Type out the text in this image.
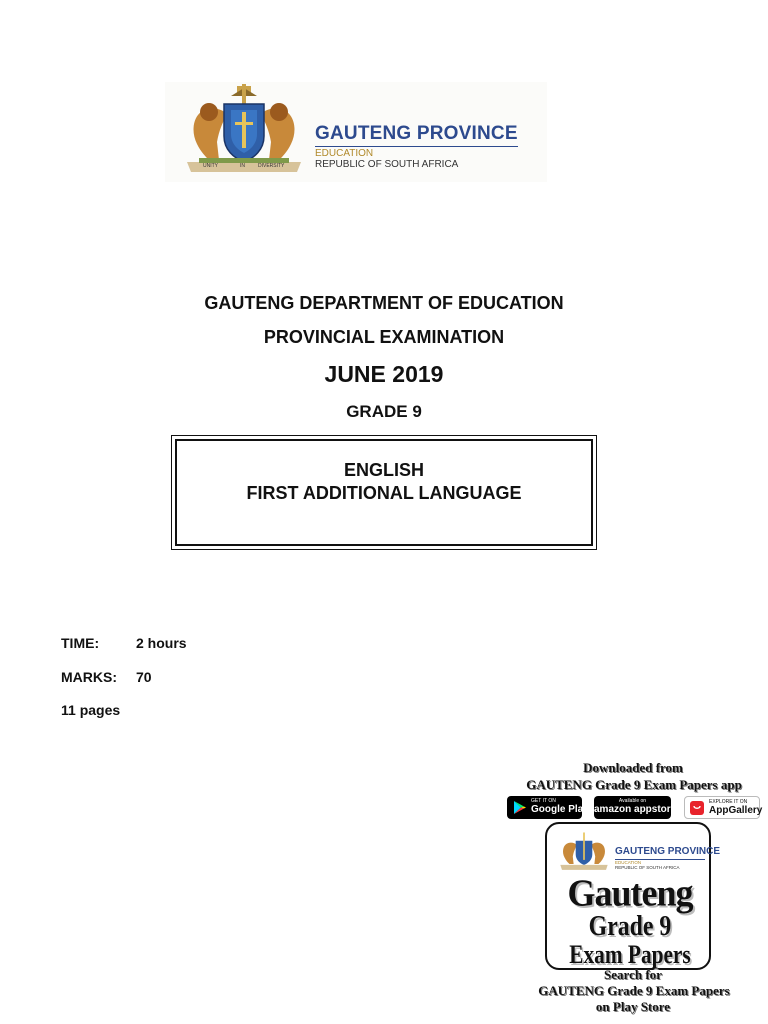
UNITY	IN	DIVERSITY
GAUTENG PROVINCE
EDUCATION
REPUBLIC OF SOUTH AFRICA
GAUTENG DEPARTMENT OF EDUCATION
PROVINCIAL EXAMINATION
JUNE 2019
GRADE 9
ENGLISH
FIRST ADDITIONAL LANGUAGE
TIME:	2 hours
MARKS: 70
11 pages
Downloaded from
GAUTENG Grade 9 Exam Papers app
GET IT ON
Google Play
Available on
amazon appstore
EXPLORE IT ON
AppGallery
GAUTENG PROVINCE
EDUCATION
REPUBLIC OF SOUTH AFRICA
Gauteng
Grade 9
Exam Papers
Search for
GAUTENG Grade 9 Exam Papers
on Play Store
